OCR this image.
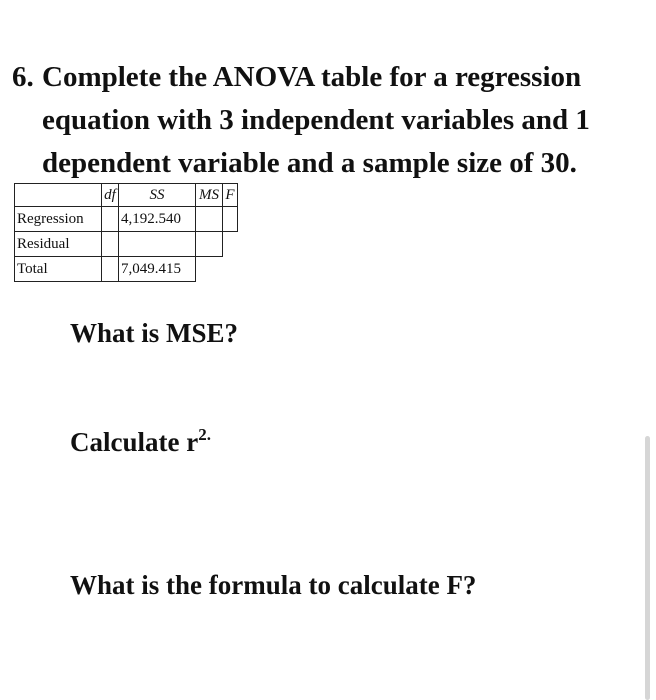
6. Complete the ANOVA table for a regression
equation with 3 independent variables and 1
dependent variable and a sample size of 30.
	df	SS	MS	F
Regression		4,192.540		
Residual				
Total		7,049.415		
What is MSE?
Calculate $r^{2.}$
What is the formula to calculate F?
